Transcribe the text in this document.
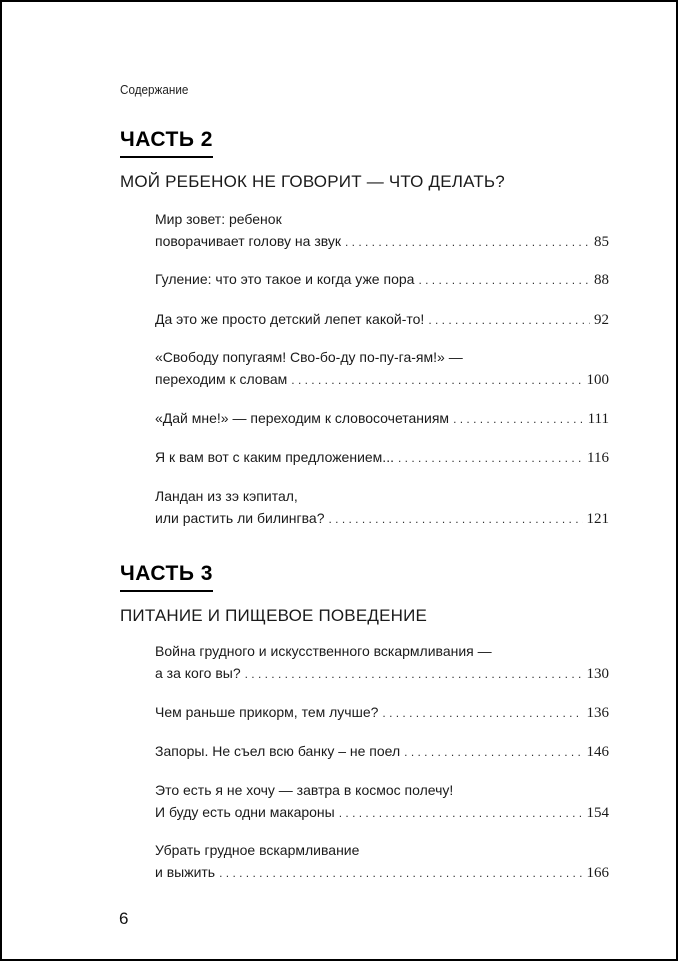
Содержание
ЧАСТЬ 2
МОЙ РЕБЕНОК НЕ ГОВОРИТ — ЧТО ДЕЛАТЬ?
Мир зовет: ребенок
поворачивает голову на звук . . .	85
Гуление: что это такое и когда уже пора . . .	88
Да это же просто детский лепет какой-то! . . .	92
«Свободу попугаям! Сво-бо-ду по-пу-га-ям!» —
переходим к словам . . .	100
«Дай мне!» — переходим к словосочетаниям . . .	111
Я к вам вот с каким предложением... . . .	116
Ландан из зэ кэпитал,
или растить ли билингва? . . .	121
ЧАСТЬ 3
ПИТАНИЕ И ПИЩЕВОЕ ПОВЕДЕНИЕ
Война грудного и искусственного вскармливания —
а за кого вы? . . .	130
Чем раньше прикорм, тем лучше? . . .	136
Запоры. Не съел всю банку – не поел . . .	146
Это есть я не хочу — завтра в космос полечу!
И буду есть одни макароны . . .	154
Убрать грудное вскармливание
и выжить . . .	166
6
